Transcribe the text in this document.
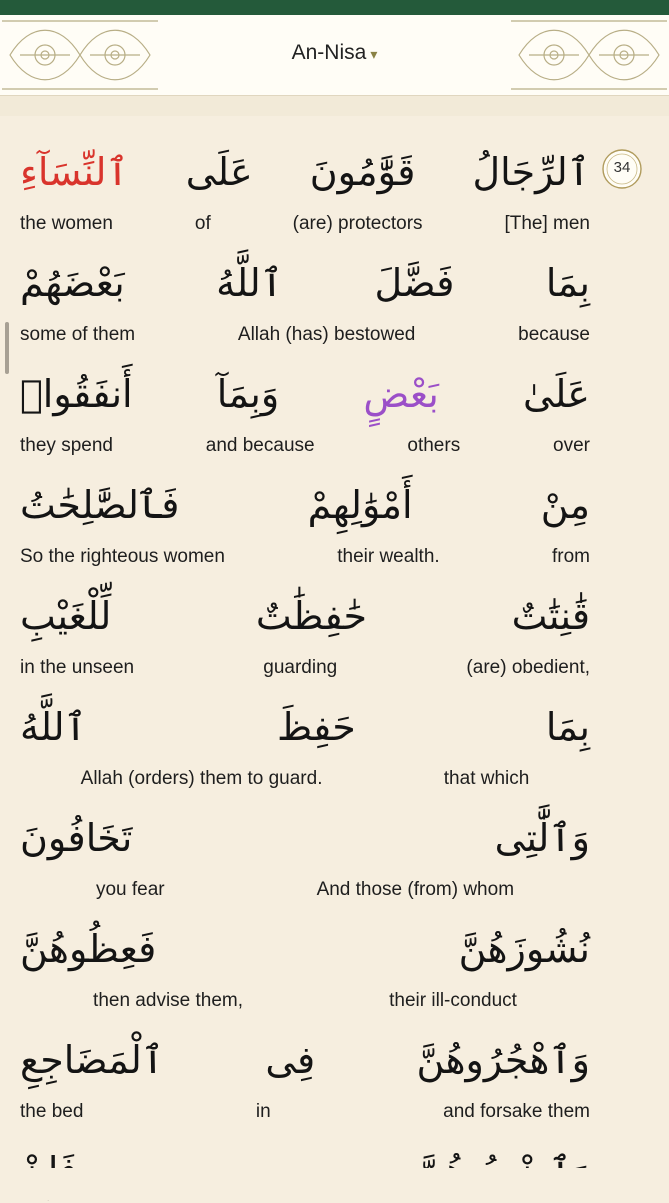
An-Nisa ▾
34
ٱلرِّجَالُ
قَوَّٰمُونَ
عَلَى
ٱلنِّسَآءِ
[The] men
(are) protectors
of
the women
بِمَا
فَضَّلَ
ٱللَّهُ
بَعْضَهُمْ
because
Allah (has) bestowed
some of them
عَلَىٰ
بَعْضٍ
وَبِمَآ
أَنفَقُوا۟
over
others
and because
they spend
مِنْ
أَمْوَٰلِهِمْ
فَٱلصَّٰلِحَٰتُ
from
their wealth.
So the righteous women
قَٰنِتَٰتٌ
حَٰفِظَٰتٌ
لِّلْغَيْبِ
(are) obedient,
guarding
in the unseen
بِمَا
حَفِظَ
ٱللَّهُ
that which
Allah (orders) them to guard.
وَٱلَّٰتِى
تَخَافُونَ
And those (from) whom
you fear
نُشُوزَهُنَّ
فَعِظُوهُنَّ
their ill-conduct
then advise them,
وَٱهْجُرُوهُنَّ
فِى
ٱلْمَضَاجِعِ
and forsake them
in
the bed
